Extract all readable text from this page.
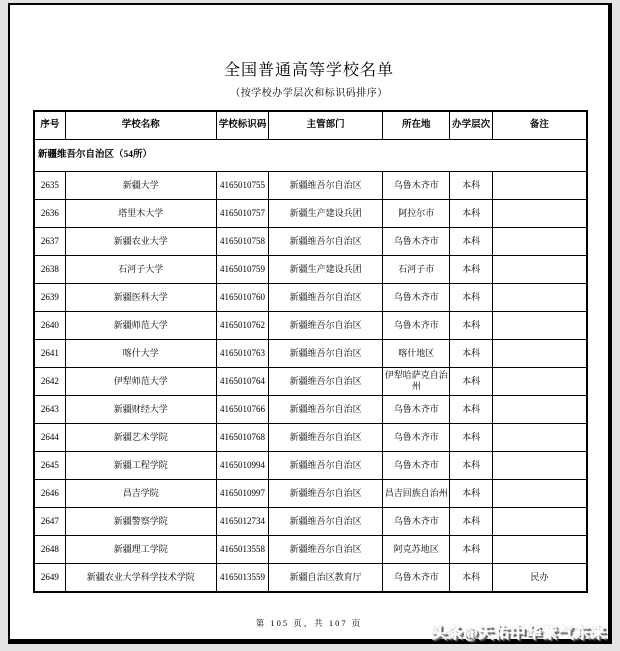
全国普通高等学校名单
（按学校办学层次和标识码排序）
序号	学校名称	学校标识码	主管部门	所在地	办学层次	备注
新疆维吾尔自治区（54所）						
2635	新疆大学	4165010755	新疆维吾尔自治区	乌鲁木齐市	本科	
2636	塔里木大学	4165010757	新疆生产建设兵团	阿拉尔市	本科	
2637	新疆农业大学	4165010758	新疆维吾尔自治区	乌鲁木齐市	本科	
2638	石河子大学	4165010759	新疆生产建设兵团	石河子市	本科	
2639	新疆医科大学	4165010760	新疆维吾尔自治区	乌鲁木齐市	本科	
2640	新疆师范大学	4165010762	新疆维吾尔自治区	乌鲁木齐市	本科	
2641	喀什大学	4165010763	新疆维吾尔自治区	喀什地区	本科	
2642	伊犁师范大学	4165010764	新疆维吾尔自治区	伊犁哈萨克自治州	本科	
2643	新疆财经大学	4165010766	新疆维吾尔自治区	乌鲁木齐市	本科	
2644	新疆艺术学院	4165010768	新疆维吾尔自治区	乌鲁木齐市	本科	
2645	新疆工程学院	4165010994	新疆维吾尔自治区	乌鲁木齐市	本科	
2646	昌吉学院	4165010997	新疆维吾尔自治区	昌吉回族自治州	本科	
2647	新疆警察学院	4165012734	新疆维吾尔自治区	乌鲁木齐市	本科	
2648	新疆理工学院	4165013558	新疆维吾尔自治区	阿克苏地区	本科	
2649	新疆农业大学科学技术学院	4165013559	新疆自治区教育厅	乌鲁木齐市	本科	民办
第 105 页，共 107 页
头条@天佑中华紫气东来
